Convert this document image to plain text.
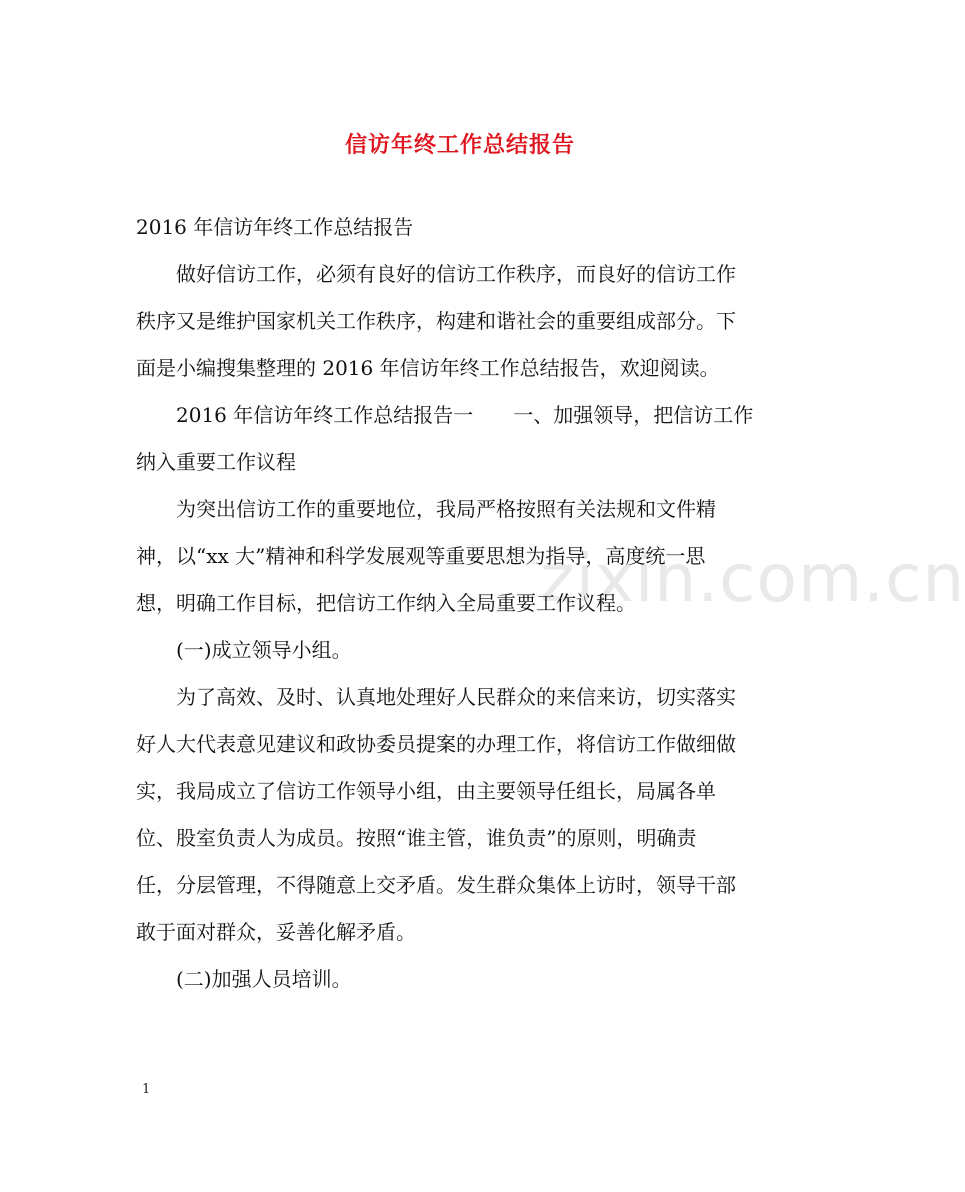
zixin.com.cn
信访年终工作总结报告
2016 年信访年终工作总结报告
　　做好信访工作，必须有良好的信访工作秩序，而良好的信访工作
秩序又是维护国家机关工作秩序，构建和谐社会的重要组成部分。下
面是小编搜集整理的 2016 年信访年终工作总结报告，欢迎阅读。
　　2016 年信访年终工作总结报告一　　一、加强领导，把信访工作
纳入重要工作议程
　　为突出信访工作的重要地位，我局严格按照有关法规和文件精
神，以“xx 大”精神和科学发展观等重要思想为指导，高度统一思
想，明确工作目标，把信访工作纳入全局重要工作议程。
　　(一)成立领导小组。
　　为了高效、及时、认真地处理好人民群众的来信来访，切实落实
好人大代表意见建议和政协委员提案的办理工作，将信访工作做细做
实，我局成立了信访工作领导小组，由主要领导任组长，局属各单
位、股室负责人为成员。按照“谁主管，谁负责”的原则，明确责
任，分层管理，不得随意上交矛盾。发生群众集体上访时，领导干部
敢于面对群众，妥善化解矛盾。
　　(二)加强人员培训。
1
